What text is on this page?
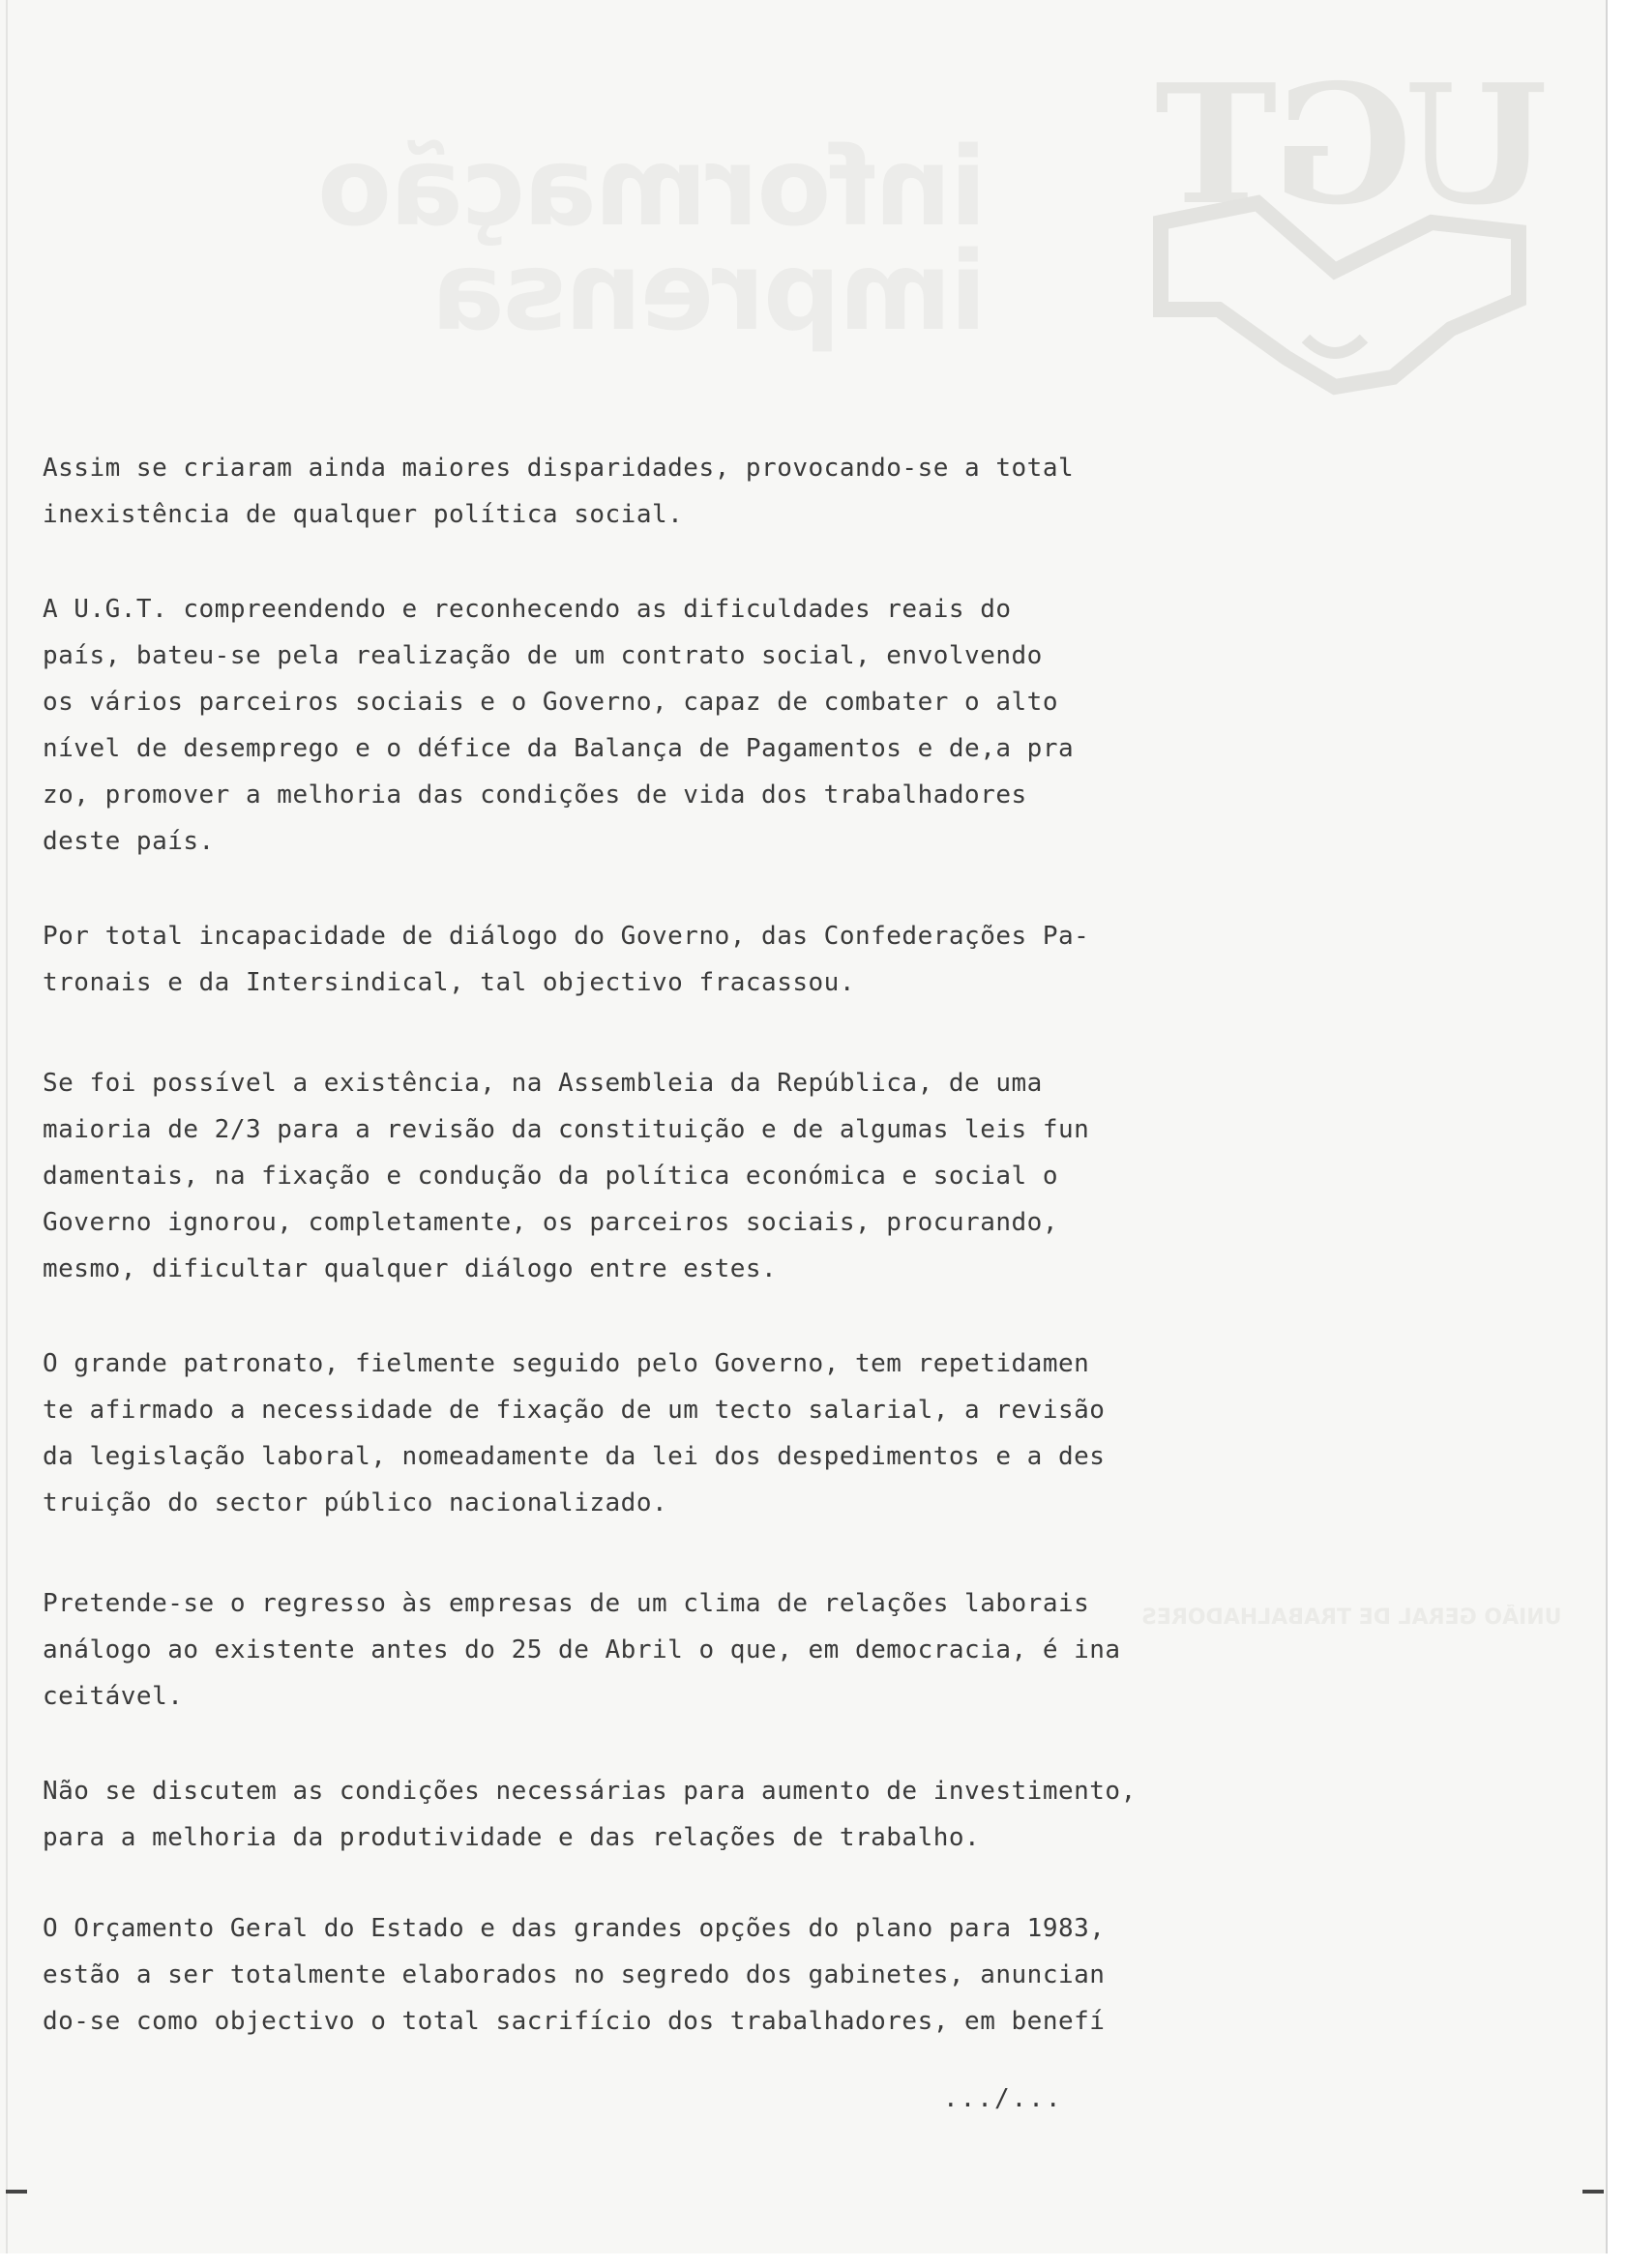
informação
imprensa
UGT
UNIÃO GERAL DE TRABALHADORES

Assim se criaram ainda maiores disparidades, provocando-se a total
inexistência de qualquer política social.

A U.G.T. compreendendo e reconhecendo as dificuldades reais do
país, bateu-se pela realização de um contrato social, envolvendo
os vários parceiros sociais e o Governo, capaz de combater o alto
nível de desemprego e o défice da Balança de Pagamentos e de,a pra
zo, promover a melhoria das condições de vida dos trabalhadores
deste país.

Por total incapacidade de diálogo do Governo, das Confederações Pa-
tronais e da Intersindical, tal objectivo fracassou.

Se foi possível a existência, na Assembleia da República, de uma
maioria de 2/3 para a revisão da constituição e de algumas leis fun
damentais, na fixação e condução da política económica e social o
Governo ignorou, completamente, os parceiros sociais, procurando,
mesmo, dificultar qualquer diálogo entre estes.

O grande patronato, fielmente seguido pelo Governo, tem repetidamen
te afirmado a necessidade de fixação de um tecto salarial, a revisão
da legislação laboral, nomeadamente da lei dos despedimentos e a des
truição do sector público nacionalizado.

Pretende-se o regresso às empresas de um clima de relações laborais
análogo ao existente antes do 25 de Abril o que, em democracia, é ina
ceitável.

Não se discutem as condições necessárias para aumento de investimento,
para a melhoria da produtividade e das relações de trabalho.

O Orçamento Geral do Estado e das grandes opções do plano para 1983,
estão a ser totalmente elaborados no segredo dos gabinetes, anuncian
do-se como objectivo o total sacrifício dos trabalhadores, em benefí

.../...
